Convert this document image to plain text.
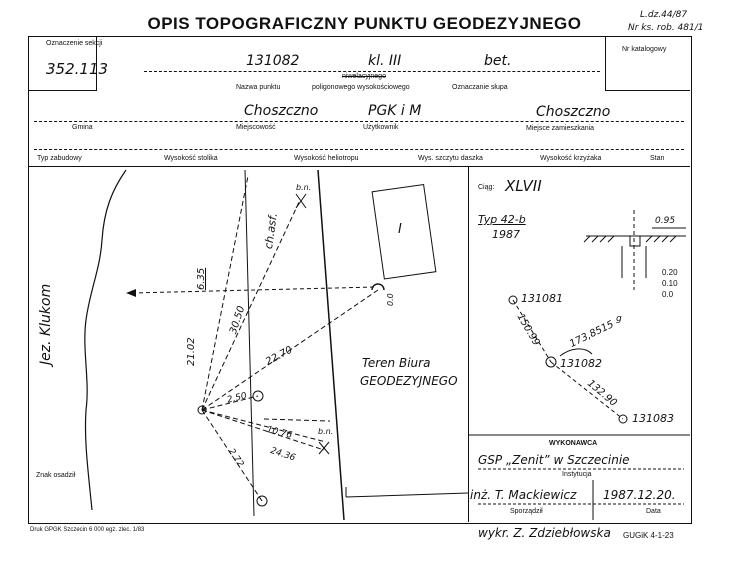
OPIS TOPOGRAFICZNY PUNKTU GEODEZYJNEGO	L.dz.44/87
Nr ks. rob. 481/1
Oznaczenie sekcji
352.113
Nr katalogowy
131082	kl. III	bet.
niwelacyjnego
Nazwa punktu	poligonowego wysokościowego	Oznaczanie słupa
Choszczno	PGK i M	Choszczno
Gmina	Miejscowość	Użytkownik	Miejsce zamieszkania
Typ zabudowy	Wysokość stolika	Wysokość heliotropu	Wys. szczytu daszka	Wysokość krzyżaka	Stan
Jez. Klukom
ch.asf.
b.n.
b.n.
I
Teren Biura
GEODEZYJNEGO
6.35
30.50
21.02	22.70
2.50
10.76
24.36
2.72
0.0
Znak osadził
Ciąg: XLVII
Typ 42-b
1987
0.95
0.20
0.10
0.0
131081
131082
131083
150.99	173,8515
g
132.90
WYKONAWCA
GSP „Zenit” w Szczecinie
Instytucja
inż. T. Mackiewicz 1987.12.20.
Sporządził	Data
Druk GPGK Szczecin 6 000 egz. zlec. 1/83	wykr. Z. Zdziebłowska GUGiK 4-1-23
